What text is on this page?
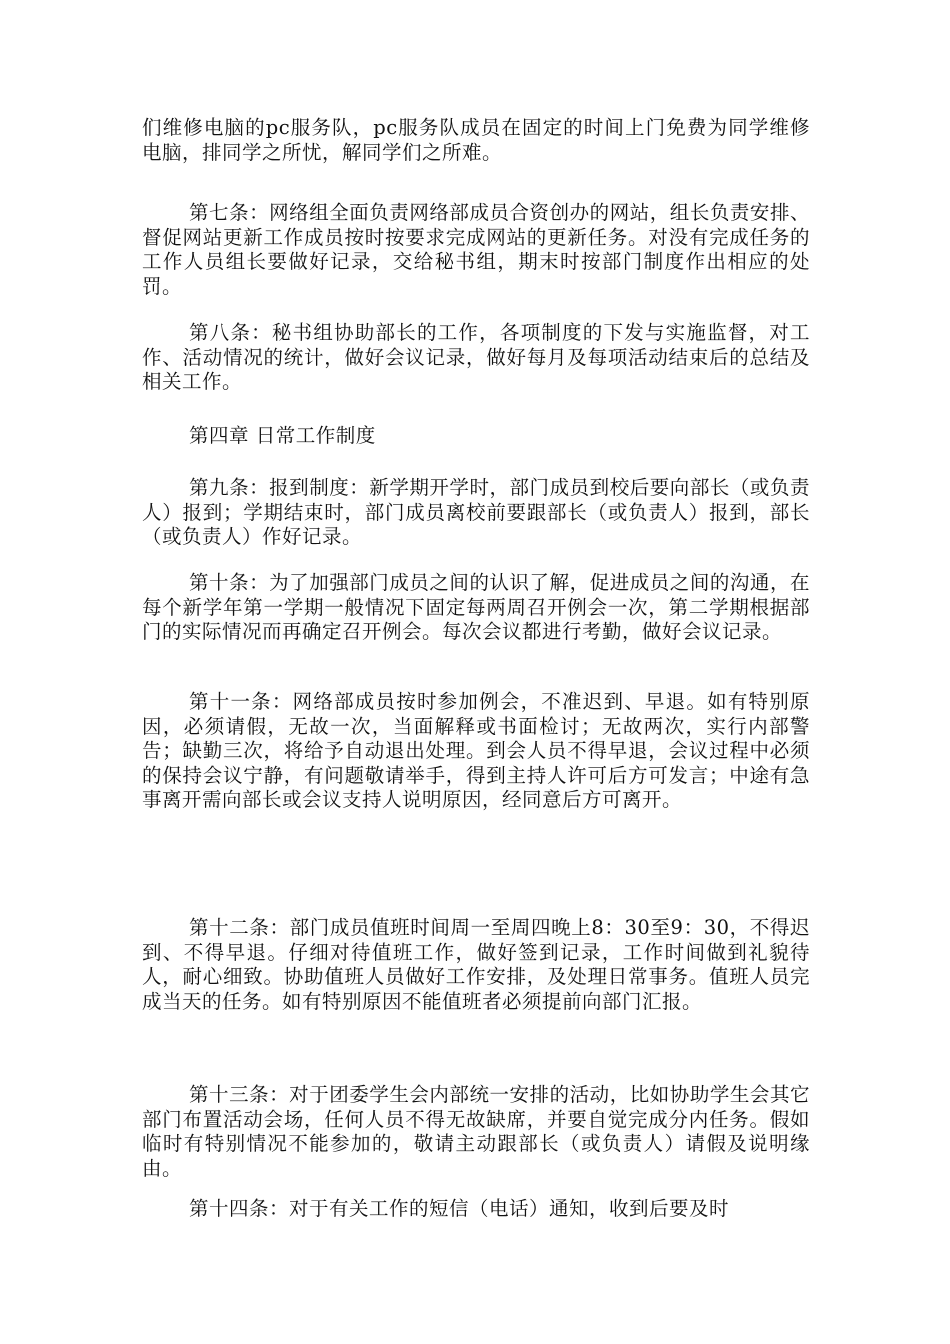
们维修电脑的pc服务队，pc服务队成员在固定的时间上门免费为同学维修电脑，排同学之所忧，解同学们之所难。

第七条：网络组全面负责网络部成员合资创办的网站，组长负责安排、督促网站更新工作成员按时按要求完成网站的更新任务。对没有完成任务的工作人员组长要做好记录，交给秘书组，期末时按部门制度作出相应的处罚。

第八条：秘书组协助部长的工作，各项制度的下发与实施监督，对工作、活动情况的统计，做好会议记录，做好每月及每项活动结束后的总结及相关工作。

第四章 日常工作制度

第九条：报到制度：新学期开学时，部门成员到校后要向部长（或负责人）报到；学期结束时，部门成员离校前要跟部长（或负责人）报到，部长（或负责人）作好记录。

第十条：为了加强部门成员之间的认识了解，促进成员之间的沟通，在每个新学年第一学期一般情况下固定每两周召开例会一次，第二学期根据部门的实际情况而再确定召开例会。每次会议都进行考勤，做好会议记录。

第十一条：网络部成员按时参加例会，不准迟到、早退。如有特别原因，必须请假，无故一次，当面解释或书面检讨；无故两次，实行内部警告；缺勤三次，将给予自动退出处理。到会人员不得早退，会议过程中必须的保持会议宁静，有问题敬请举手，得到主持人许可后方可发言；中途有急事离开需向部长或会议支持人说明原因，经同意后方可离开。

第十二条：部门成员值班时间周一至周四晚上8：30至9：30，不得迟到、不得早退。仔细对待值班工作，做好签到记录，工作时间做到礼貌待人，耐心细致。协助值班人员做好工作安排，及处理日常事务。值班人员完成当天的任务。如有特别原因不能值班者必须提前向部门汇报。

第十三条：对于团委学生会内部统一安排的活动，比如协助学生会其它部门布置活动会场，任何人员不得无故缺席，并要自觉完成分内任务。假如临时有特别情况不能参加的，敬请主动跟部长（或负责人）请假及说明缘由。

第十四条：对于有关工作的短信（电话）通知，收到后要及时
